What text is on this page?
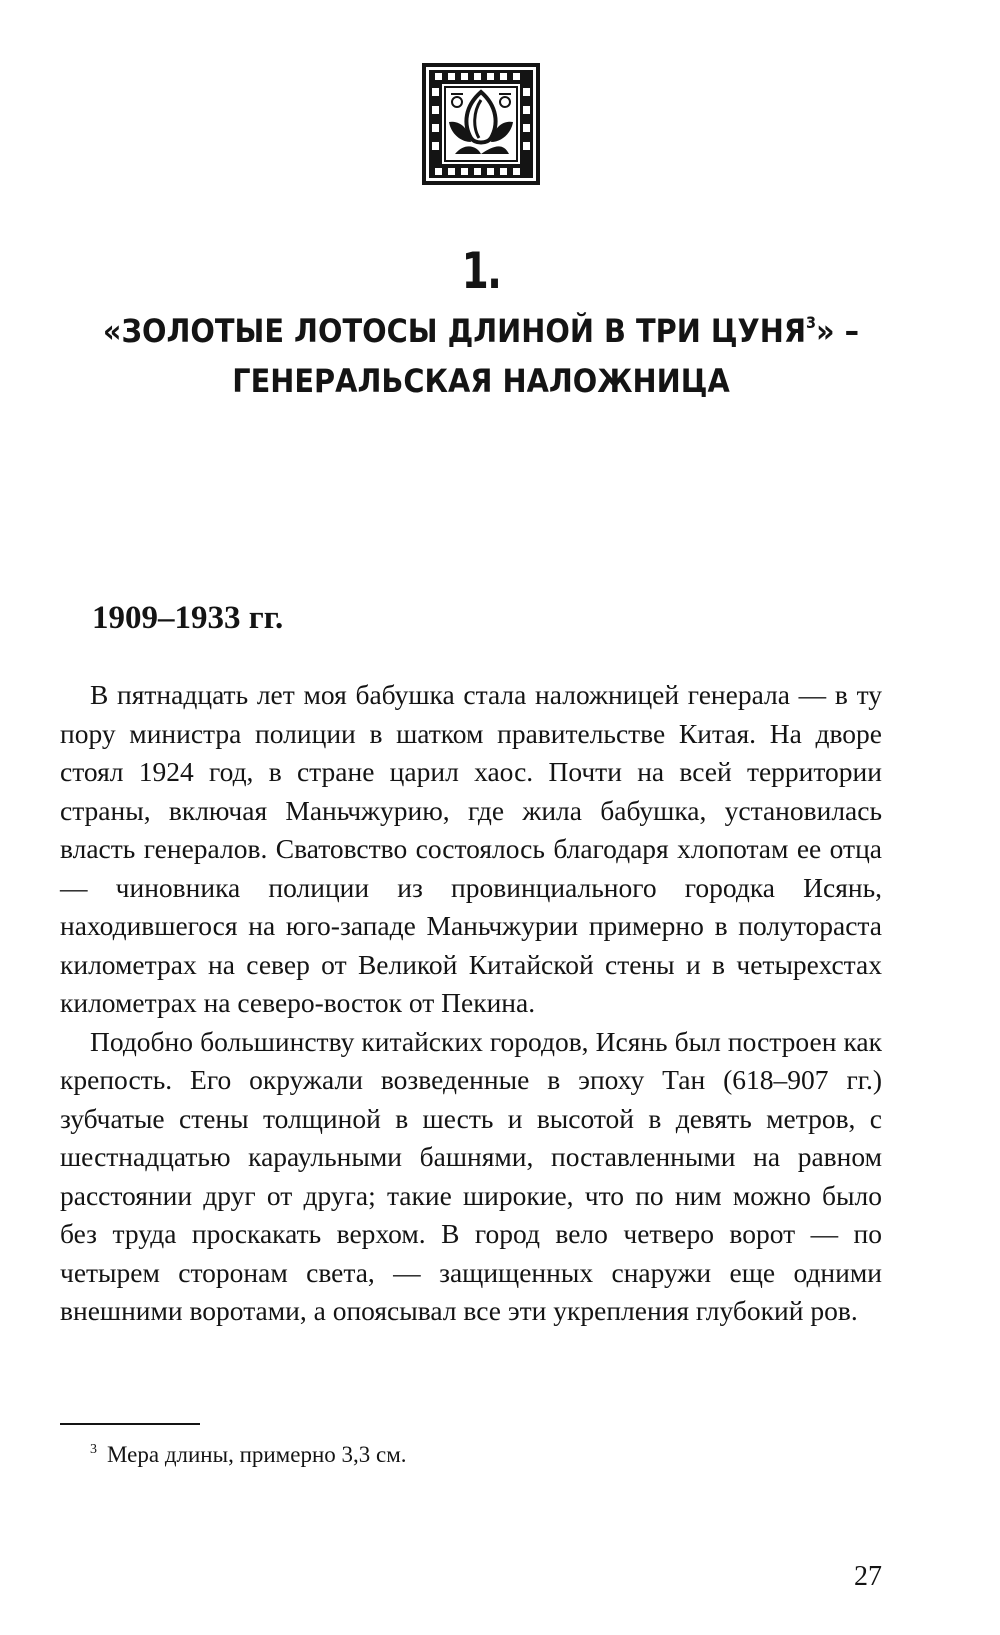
1.
«ЗОЛОТЫЕ ЛОТОСЫ ДЛИНОЙ В ТРИ ЦУНЯ$^3$» –
ГЕНЕРАЛЬСКАЯ НАЛОЖНИЦА
1909–1933 гг.

В пятнадцать лет моя бабушка стала наложницей генерала — в ту пору министра полиции в шатком правительстве Китая. На дворе стоял 1924 год, в стране царил хаос. Почти на всей территории страны, включая Маньчжурию, где жила бабушка, установилась власть генералов. Сватовство состоялось благодаря хлопотам ее отца — чиновника полиции из провинциального городка Исянь, находившегося на юго-западе Маньчжурии примерно в полутораста километрах на север от Великой Китайской стены и в четырехстах километрах на северо-восток от Пекина.

Подобно большинству китайских городов, Исянь был построен как крепость. Его окружали возведенные в эпоху Тан (618–907 гг.) зубчатые стены толщиной в шесть и высотой в девять метров, с шестнадцатью караульными башнями, поставленными на равном расстоянии друг от друга; такие широкие, что по ним можно было без труда проскакать верхом. В город вело четверо ворот — по четырем сторонам света, — защищенных снаружи еще одними внешними воротами, а опоясывал все эти укрепления глубокий ров.

$^3$ Мера длины, примерно 3,3 см.

27
